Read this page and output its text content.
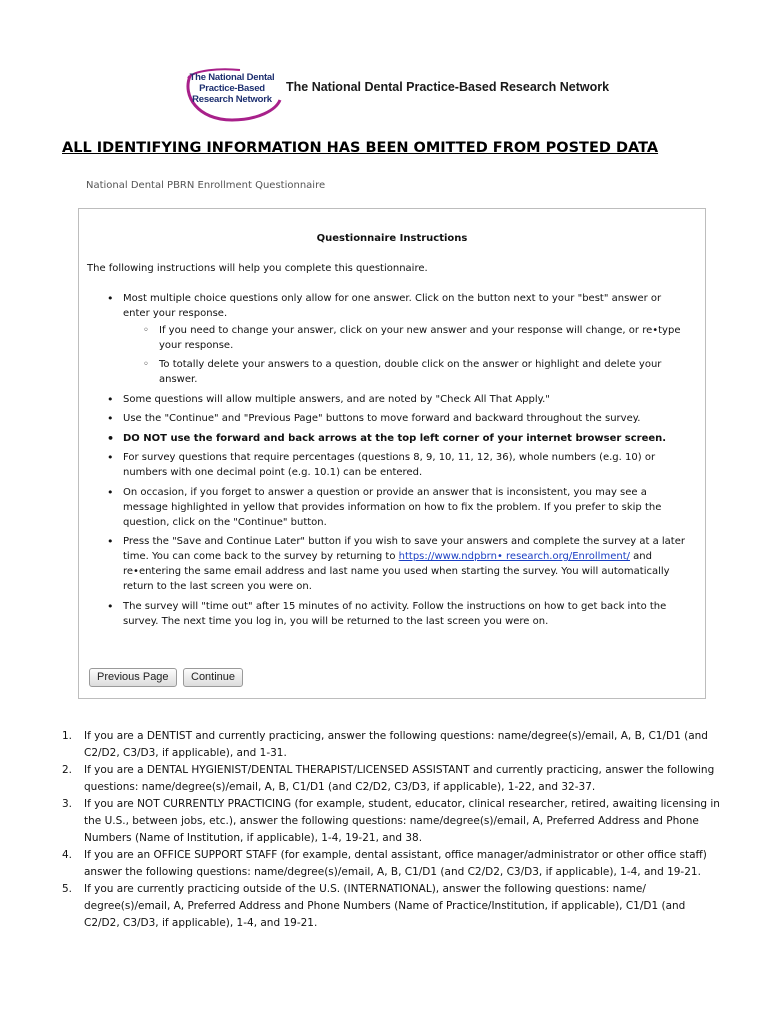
The National Dental
Practice-Based
Research Network
The National Dental Practice-Based Research Network
ALL IDENTIFYING INFORMATION HAS BEEN OMITTED FROM POSTED DATA
National Dental PBRN Enrollment Questionnaire
Questionnaire Instructions
The following instructions will help you complete this questionnaire.
• Most multiple choice questions only allow for one answer. Click on the button next to your "best" answer or enter your response.
◦ If you need to change your answer, click on your new answer and your response will change, or re•type your response.
◦ To totally delete your answers to a question, double click on the answer or highlight and delete your answer.
• Some questions will allow multiple answers, and are noted by "Check All That Apply."
• Use the "Continue" and "Previous Page" buttons to move forward and backward throughout the survey.
• DO NOT use the forward and back arrows at the top left corner of your internet browser screen.
• For survey questions that require percentages (questions 8, 9, 10, 11, 12, 36), whole numbers (e.g. 10) or numbers with one decimal point (e.g. 10.1) can be entered.
• On occasion, if you forget to answer a question or provide an answer that is inconsistent, you may see a message highlighted in yellow that provides information on how to fix the problem. If you prefer to skip the question, click on the "Continue" button.
• Press the "Save and Continue Later" button if you wish to save your answers and complete the survey at a later time. You can come back to the survey by returning to https://www.ndpbrn• research.org/Enrollment/ and re•entering the same email address and last name you used when starting the survey. You will automatically return to the last screen you were on.
• The survey will "time out" after 15 minutes of no activity. Follow the instructions on how to get back into the survey. The next time you log in, you will be returned to the last screen you were on.
Previous Page	Continue
1. If you are a DENTIST and currently practicing, answer the following questions: name/degree(s)/email, A, B, C1/D1 (and C2/D2, C3/D3, if applicable), and 1-31.
2. If you are a DENTAL HYGIENIST/DENTAL THERAPIST/LICENSED ASSISTANT and currently practicing, answer the following questions: name/degree(s)/email, A, B, C1/D1 (and C2/D2, C3/D3, if applicable), 1-22, and 32-37.
3. If you are NOT CURRENTLY PRACTICING (for example, student, educator, clinical researcher, retired, awaiting licensing in the U.S., between jobs, etc.), answer the following questions: name/degree(s)/email, A, Preferred Address and Phone Numbers (Name of Institution, if applicable), 1-4, 19-21, and 38.
4. If you are an OFFICE SUPPORT STAFF (for example, dental assistant, office manager/administrator or other office staff) answer the following questions: name/degree(s)/email, A, B, C1/D1 (and C2/D2, C3/D3, if applicable), 1-4, and 19-21.
5. If you are currently practicing outside of the U.S. (INTERNATIONAL), answer the following questions: name/ degree(s)/email, A, Preferred Address and Phone Numbers (Name of Practice/Institution, if applicable), C1/D1 (and C2/D2, C3/D3, if applicable), 1-4, and 19-21.
